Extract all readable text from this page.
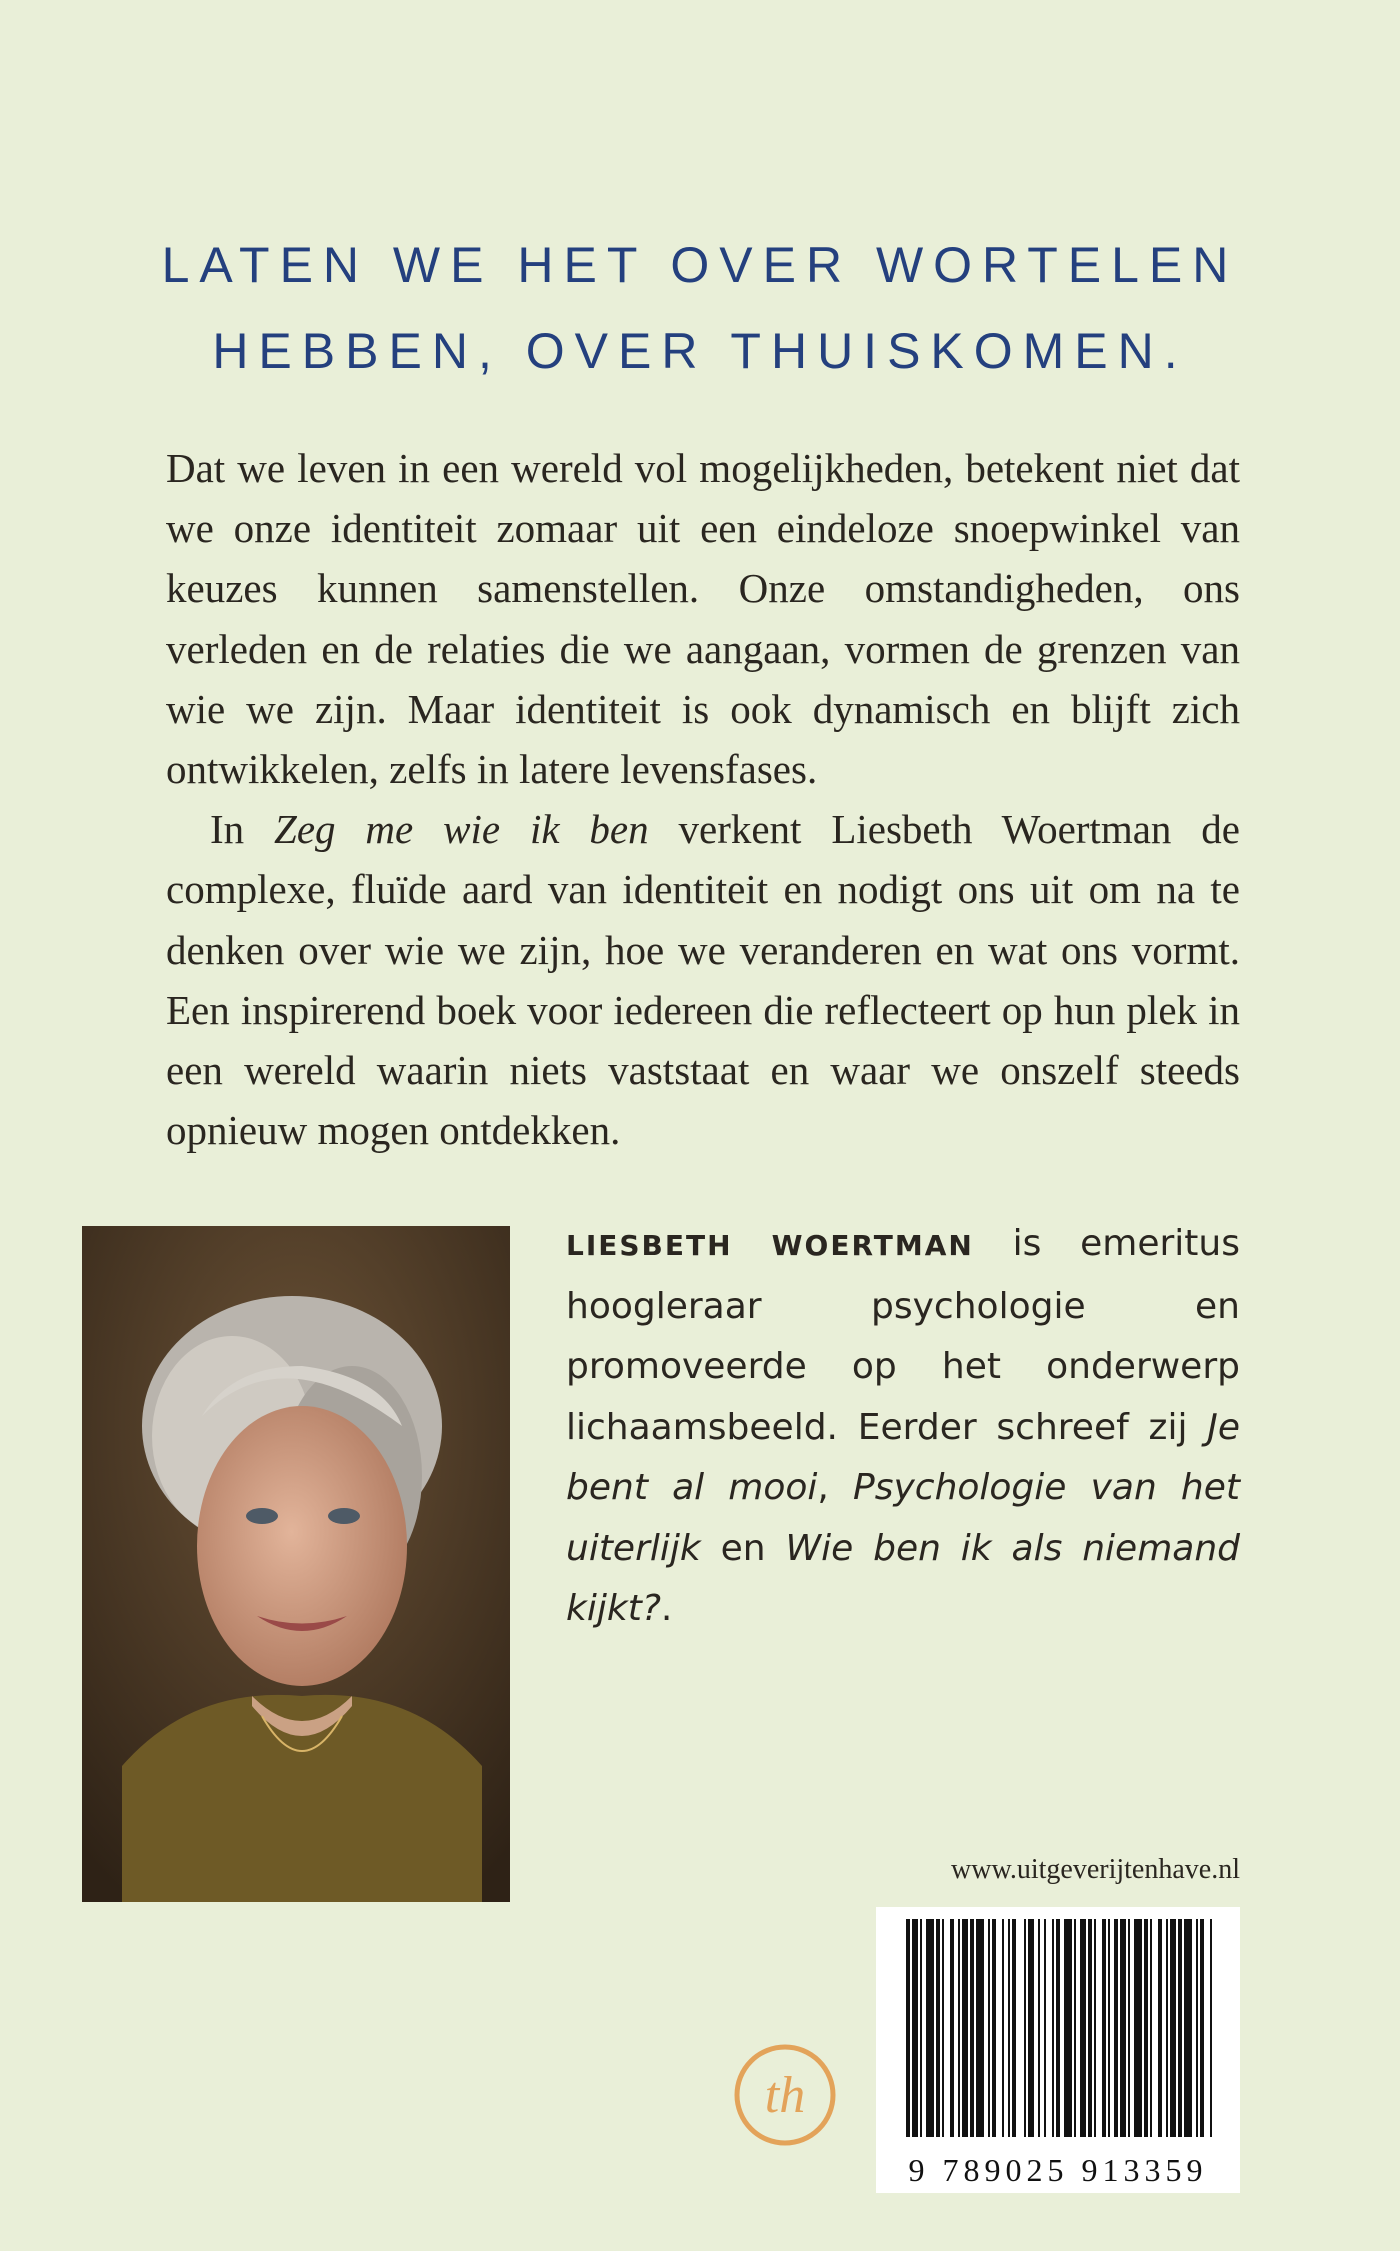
LATEN WE HET OVER WORTELEN
HEBBEN, OVER THUISKOMEN.

Dat we leven in een wereld vol mogelijkheden, betekent niet dat we onze identiteit zomaar uit een eindeloze snoepwinkel van keuzes kunnen samenstellen. Onze omstandigheden, ons verleden en de relaties die we aangaan, vormen de grenzen van wie we zijn. Maar identiteit is ook dynamisch en blijft zich ontwikkelen, zelfs in latere levensfases.

In Zeg me wie ik ben verkent Liesbeth Woertman de complexe, fluïde aard van identiteit en nodigt ons uit om na te denken over wie we zijn, hoe we veranderen en wat ons vormt. Een inspirerend boek voor iedereen die reflecteert op hun plek in een wereld waarin niets vaststaat en waar we onszelf steeds opnieuw mogen ontdekken.

LIESBETH WOERTMAN is emeritus hoogleraar psychologie en promoveerde op het onderwerp lichaamsbeeld. Eerder schreef zij Je bent al mooi, Psychologie van het uiterlijk en Wie ben ik als niemand kijkt?.
www.uitgeverijtenhave.nl
9 789025 913359
th
